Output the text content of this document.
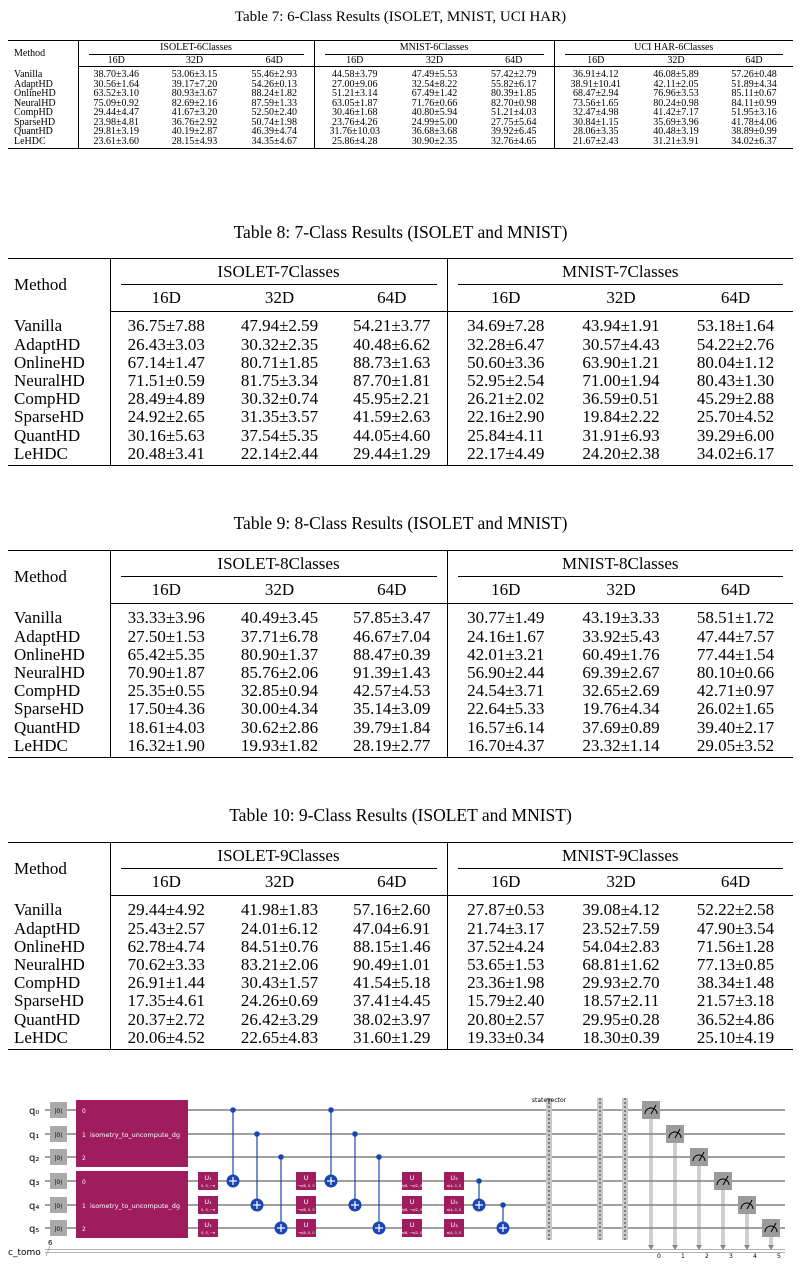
Table 7: 6-Class Results (ISOLET, MNIST, UCI HAR)
Method	ISOLET-6Classes			MNIST-6Classes			UCI HAR-6Classes		

	16D	32D	64D	16D	32D	64D	16D	32D	64D
Vanilla	38.70±3.46	53.06±3.15	55.46±2.93	44.58±3.79	47.49±5.53	57.42±2.79	36.91±4.12	46.08±5.89	57.26±0.48
AdaptHD	30.56±1.64	39.17±7.20	54.26±0.13	27.00±9.06	32.54±8.22	55.82±6.17	38.91±10.41	42.11±2.05	51.89±4.34
OnlineHD	63.52±3.10	80.93±3.67	88.24±1.82	51.21±3.14	67.49±1.42	80.39±1.85	68.47±2.94	76.96±3.53	85.11±0.67
NeuralHD	75.09±0.92	82.69±2.16	87.59±1.33	63.05±1.87	71.76±0.66	82.70±0.98	73.56±1.65	80.24±0.98	84.11±0.99
CompHD	29.44±4.47	41.67±3.20	52.50±2.40	30.46±1.68	40.80±5.94	51.21±4.03	32.47±4.98	41.42±7.17	51.95±3.16
SparseHD	23.98±4.81	36.76±2.92	50.74±1.98	23.76±4.26	24.99±5.00	27.75±5.64	30.84±1.15	35.69±3.96	41.78±4.06
QuantHD	29.81±3.19	40.19±2.87	46.39±4.74	31.76±10.03	36.68±3.68	39.92±6.45	28.06±3.35	40.48±3.19	38.89±0.99
LeHDC	23.61±3.60	28.15±4.93	34.35±4.67	25.86±4.28	30.90±2.35	32.76±4.65	21.67±2.43	31.21±3.91	34.02±6.37
Table 8: 7-Class Results (ISOLET and MNIST)
Method	ISOLET-7Classes			MNIST-7Classes		

	16D	32D	64D	16D	32D	64D
Vanilla	36.75±7.88	47.94±2.59	54.21±3.77	34.69±7.28	43.94±1.91	53.18±1.64
AdaptHD	26.43±3.03	30.32±2.35	40.48±6.62	32.28±6.47	30.57±4.43	54.22±2.76
OnlineHD	67.14±1.47	80.71±1.85	88.73±1.63	50.60±3.36	63.90±1.21	80.04±1.12
NeuralHD	71.51±0.59	81.75±3.34	87.70±1.81	52.95±2.54	71.00±1.94	80.43±1.30
CompHD	28.49±4.89	30.32±0.74	45.95±2.21	26.21±2.02	36.59±0.51	45.29±2.88
SparseHD	24.92±2.65	31.35±3.57	41.59±2.63	22.16±2.90	19.84±2.22	25.70±4.52
QuantHD	30.16±5.63	37.54±5.35	44.05±4.60	25.84±4.11	31.91±6.93	39.29±6.00
LeHDC	20.48±3.41	22.14±2.44	29.44±1.29	22.17±4.49	24.20±2.38	34.02±6.17
Table 9: 8-Class Results (ISOLET and MNIST)
Method	ISOLET-8Classes			MNIST-8Classes		

	16D	32D	64D	16D	32D	64D
Vanilla	33.33±3.96	40.49±3.45	57.85±3.47	30.77±1.49	43.19±3.33	58.51±1.72
AdaptHD	27.50±1.53	37.71±6.78	46.67±7.04	24.16±1.67	33.92±5.43	47.44±7.57
OnlineHD	65.42±5.35	80.90±1.37	88.47±0.39	42.01±3.21	60.49±1.76	77.44±1.54
NeuralHD	70.90±1.87	85.76±2.06	91.39±1.43	56.90±2.44	69.39±2.67	80.10±0.66
CompHD	25.35±0.55	32.85±0.94	42.57±4.53	24.54±3.71	32.65±2.69	42.71±0.97
SparseHD	17.50±4.36	30.00±4.34	35.14±3.09	22.64±5.33	19.76±4.34	26.02±1.65
QuantHD	18.61±4.03	30.62±2.86	39.79±1.84	16.57±6.14	37.69±0.89	39.40±2.17
LeHDC	16.32±1.90	19.93±1.82	28.19±2.77	16.70±4.37	23.32±1.14	29.05±3.52
Table 10: 9-Class Results (ISOLET and MNIST)
Method	ISOLET-9Classes			MNIST-9Classes		

	16D	32D	64D	16D	32D	64D
Vanilla	29.44±4.92	41.98±1.83	57.16±2.60	27.87±0.53	39.08±4.12	52.22±2.58
AdaptHD	25.43±2.57	24.01±6.12	47.04±6.91	21.74±3.17	23.52±7.59	47.90±3.54
OnlineHD	62.78±4.74	84.51±0.76	88.15±1.46	37.52±4.24	54.04±2.83	71.56±1.28
NeuralHD	70.62±3.33	83.21±2.06	90.49±1.01	53.65±1.53	68.81±1.62	77.13±0.85
CompHD	26.91±1.44	30.43±1.57	41.54±5.18	23.36±1.98	29.93±2.70	38.34±1.48
SparseHD	17.35±4.61	24.26±0.69	37.41±4.45	15.79±2.40	18.57±2.11	21.57±3.18
QuantHD	20.37±2.72	26.42±3.29	38.02±3.97	20.80±2.57	29.95±0.28	36.52±4.86
LeHDC	20.06±4.52	22.65±4.83	31.60±1.29	19.33±0.34	18.30±0.39	25.10±4.19
q₀	|0⟩
q₁	|0⟩
q₂	|0⟩
q₃	|0⟩
q₄	|0⟩
q₅	|0⟩
c_tomo
6
0
1
2
isometry_to_uncompute_dg
0
1
2
isometry_to_uncompute_dg
U₁
0, 0, −π
U₁
0, 0, −π
U₁
0, 0, −π
U
−π/8, 0, 0
U
−π/8, 0, 0
U
−π/8, 0, 0
U
π/8, −π/2, 0
U
π/8, −π/2, 0
U
π/8, −π/2, 0
U₃
π/4, 0, 0
U₃
π/4, 0, 0
U₃
π/4, 0, 0
statevector
0	1	2	3	4	5
